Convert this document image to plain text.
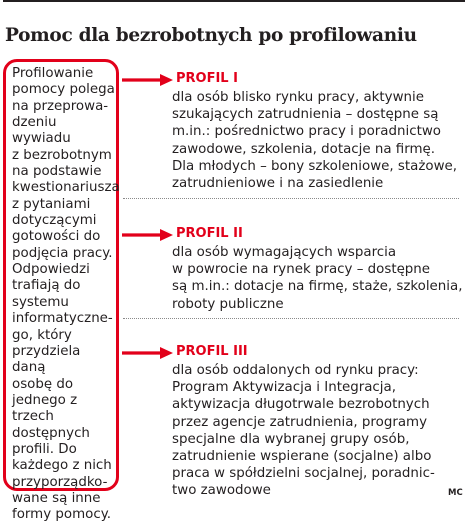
Pomoc dla bezrobotnych po profilowaniu
Profilowanie
pomocy polega
na przeprowa-
dzeniu wywiadu
z bezrobotnym
na podstawie
kwestionariusza
z pytaniami
dotyczącymi
gotowości do
podjęcia pracy.
Odpowiedzi
trafiają do
systemu
informatyczne-
go, który
przydziela daną
osobę do
jednego z trzech
dostępnych
profili. Do
każdego z nich
przyporządko-
wane są inne
formy pomocy.
PROFIL I
dla osób blisko rynku pracy, aktywnie
szukających zatrudnienia – dostępne są
m.in.: pośrednictwo pracy i poradnictwo
zawodowe, szkolenia, dotacje na firmę.
Dla młodych – bony szkoleniowe, stażowe,
zatrudnieniowe i na zasiedlenie
PROFIL II
dla osób wymagających wsparcia
w powrocie na rynek pracy – dostępne
są m.in.: dotacje na firmę, staże, szkolenia,
roboty publiczne
PROFIL III
dla osób oddalonych od rynku pracy:
Program Aktywizacja i Integracja,
aktywizacja długotrwale bezrobotnych
przez agencje zatrudnienia, programy
specjalne dla wybranej grupy osób,
zatrudnienie wspierane (socjalne) albo
praca w spółdzielni socjalnej, poradnic-
two zawodowe	MC
